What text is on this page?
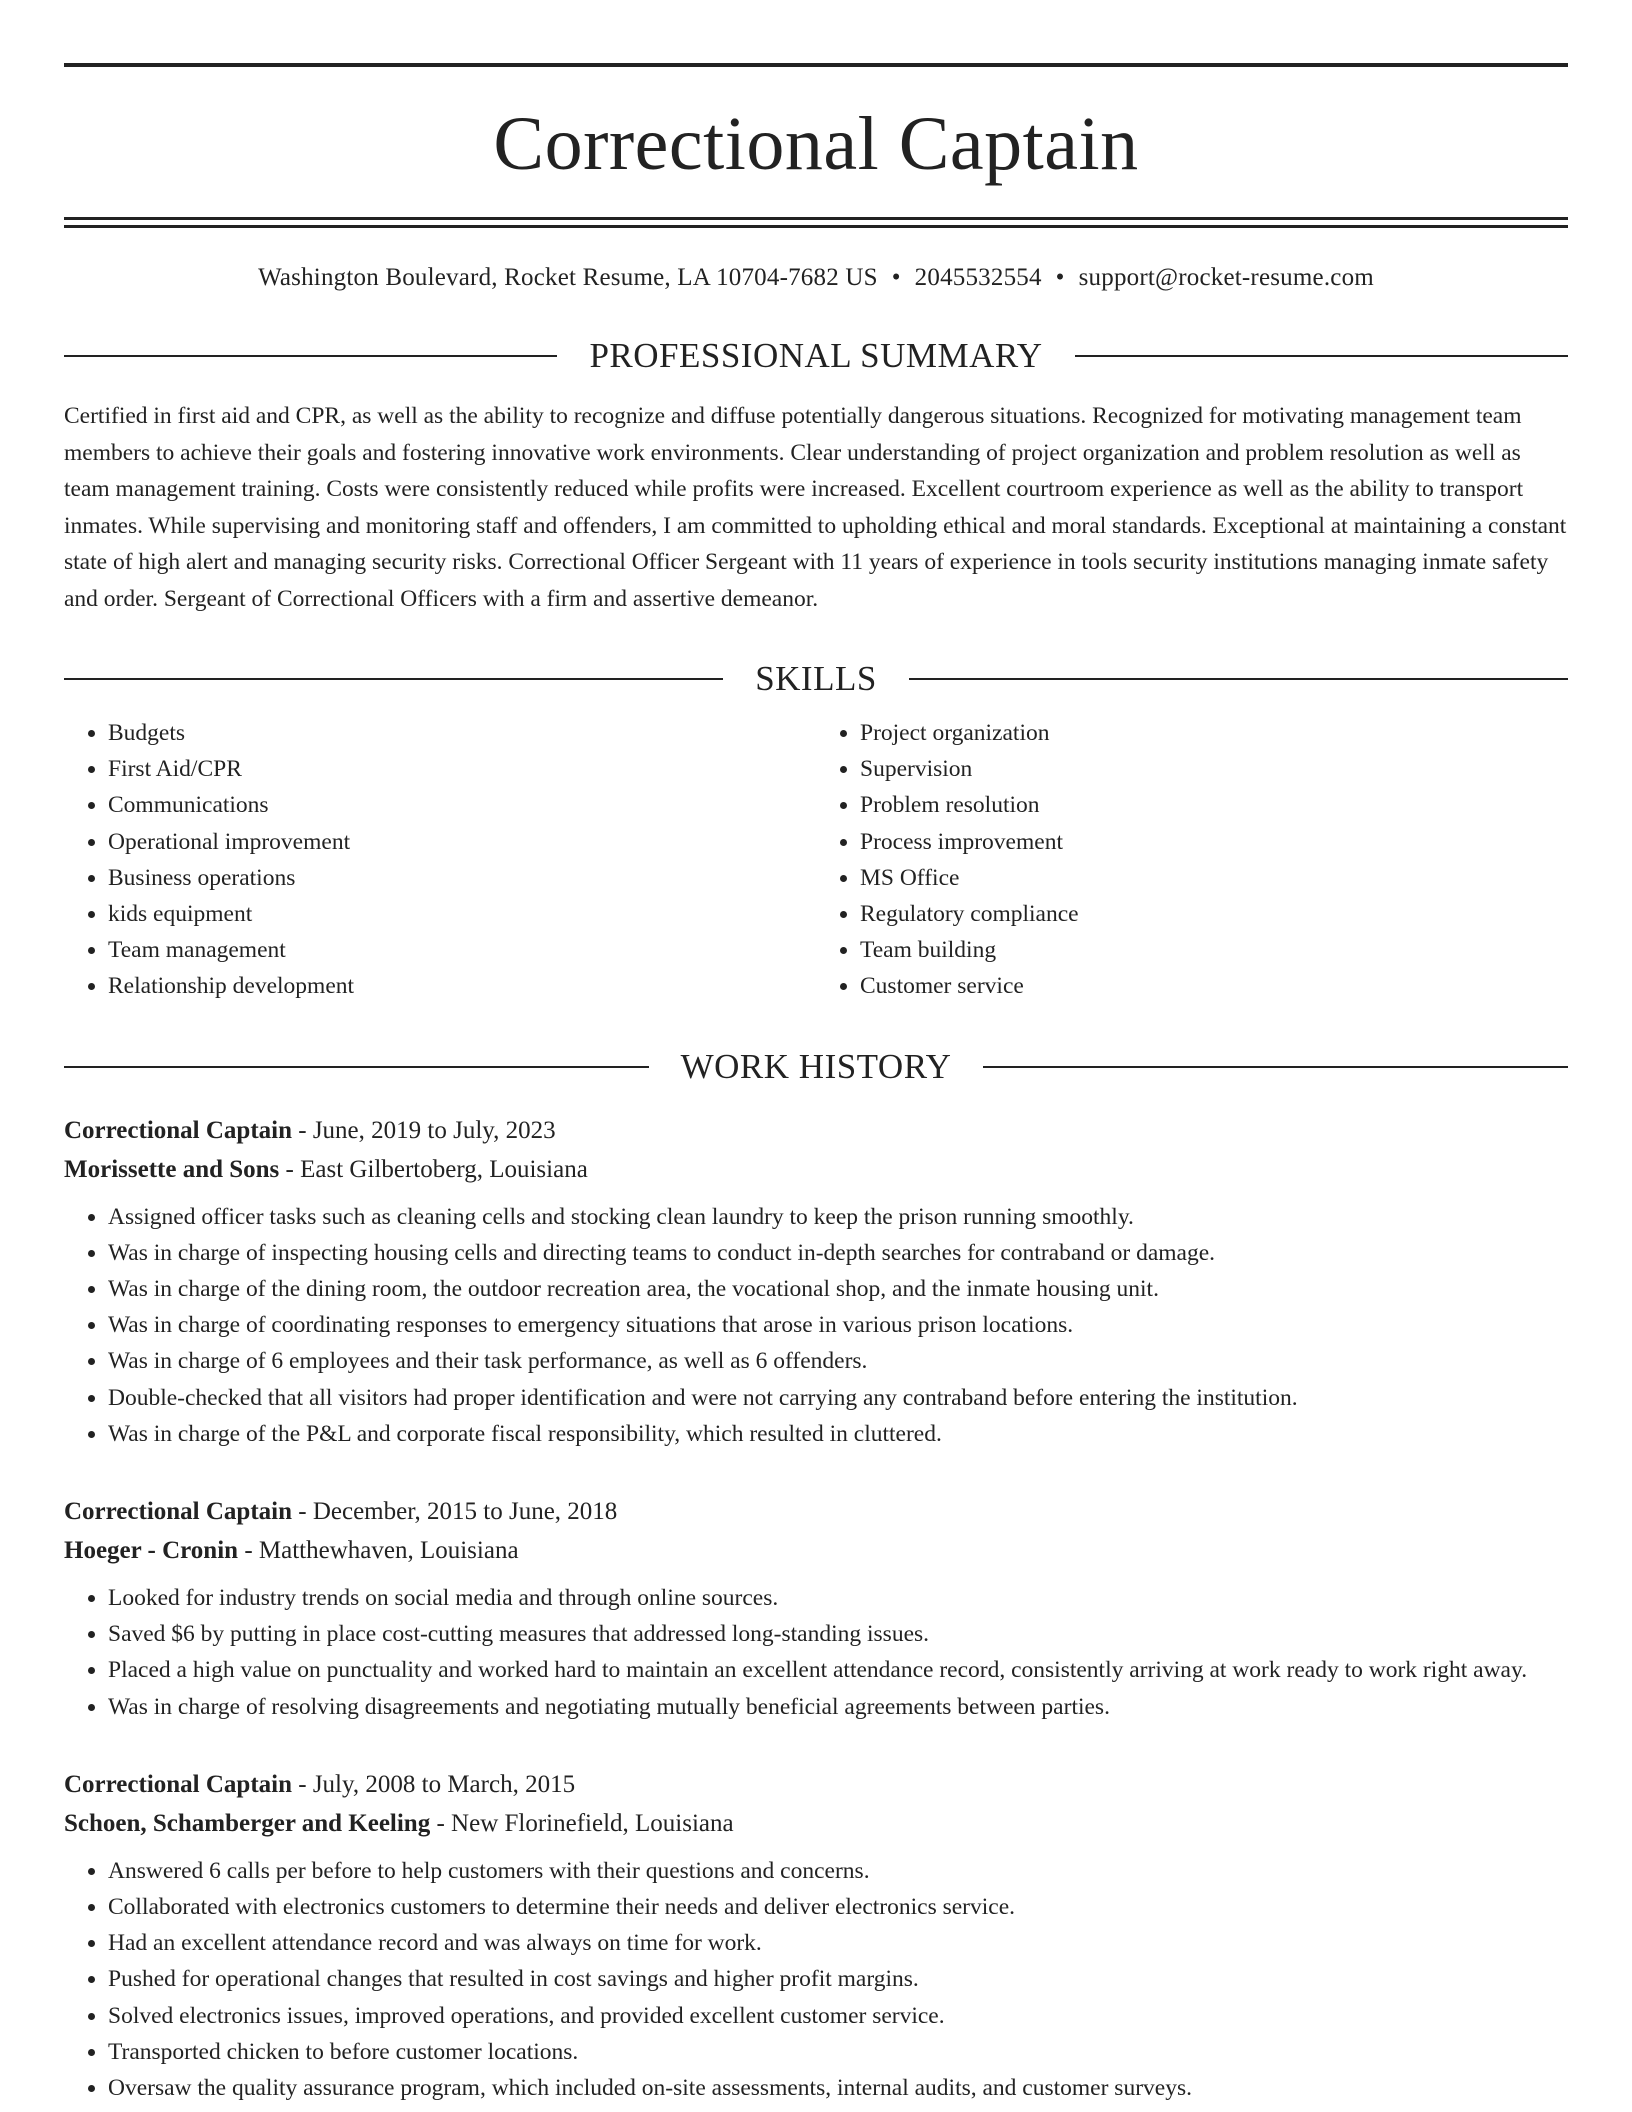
Correctional Captain
Washington Boulevard, Rocket Resume, LA 10704-7682 US • 2045532554 • support@rocket-resume.com
PROFESSIONAL SUMMARY
Certified in first aid and CPR, as well as the ability to recognize and diffuse potentially dangerous situations. Recognized for motivating management team members to achieve their goals and fostering innovative work environments. Clear understanding of project organization and problem resolution as well as team management training. Costs were consistently reduced while profits were increased. Excellent courtroom experience as well as the ability to transport inmates. While supervising and monitoring staff and offenders, I am committed to upholding ethical and moral standards. Exceptional at maintaining a constant state of high alert and managing security risks. Correctional Officer Sergeant with 11 years of experience in tools security institutions managing inmate safety and order. Sergeant of Correctional Officers with a firm and assertive demeanor.
SKILLS
• Budgets
• First Aid/CPR
• Communications
• Operational improvement
• Business operations
• kids equipment
• Team management
• Relationship development
• Project organization
• Supervision
• Problem resolution
• Process improvement
• MS Office
• Regulatory compliance
• Team building
• Customer service
WORK HISTORY
Correctional Captain - June, 2019 to July, 2023
Morissette and Sons - East Gilbertoberg, Louisiana
• Assigned officer tasks such as cleaning cells and stocking clean laundry to keep the prison running smoothly.
• Was in charge of inspecting housing cells and directing teams to conduct in-depth searches for contraband or damage.
• Was in charge of the dining room, the outdoor recreation area, the vocational shop, and the inmate housing unit.
• Was in charge of coordinating responses to emergency situations that arose in various prison locations.
• Was in charge of 6 employees and their task performance, as well as 6 offenders.
• Double-checked that all visitors had proper identification and were not carrying any contraband before entering the institution.
• Was in charge of the P&L and corporate fiscal responsibility, which resulted in cluttered.
Correctional Captain - December, 2015 to June, 2018
Hoeger - Cronin - Matthewhaven, Louisiana
• Looked for industry trends on social media and through online sources.
• Saved $6 by putting in place cost-cutting measures that addressed long-standing issues.
• Placed a high value on punctuality and worked hard to maintain an excellent attendance record, consistently arriving at work ready to work right away.
• Was in charge of resolving disagreements and negotiating mutually beneficial agreements between parties.
Correctional Captain - July, 2008 to March, 2015
Schoen, Schamberger and Keeling - New Florinefield, Louisiana
• Answered 6 calls per before to help customers with their questions and concerns.
• Collaborated with electronics customers to determine their needs and deliver electronics service.
• Had an excellent attendance record and was always on time for work.
• Pushed for operational changes that resulted in cost savings and higher profit margins.
• Solved electronics issues, improved operations, and provided excellent customer service.
• Transported chicken to before customer locations.
• Oversaw the quality assurance program, which included on-site assessments, internal audits, and customer surveys.
